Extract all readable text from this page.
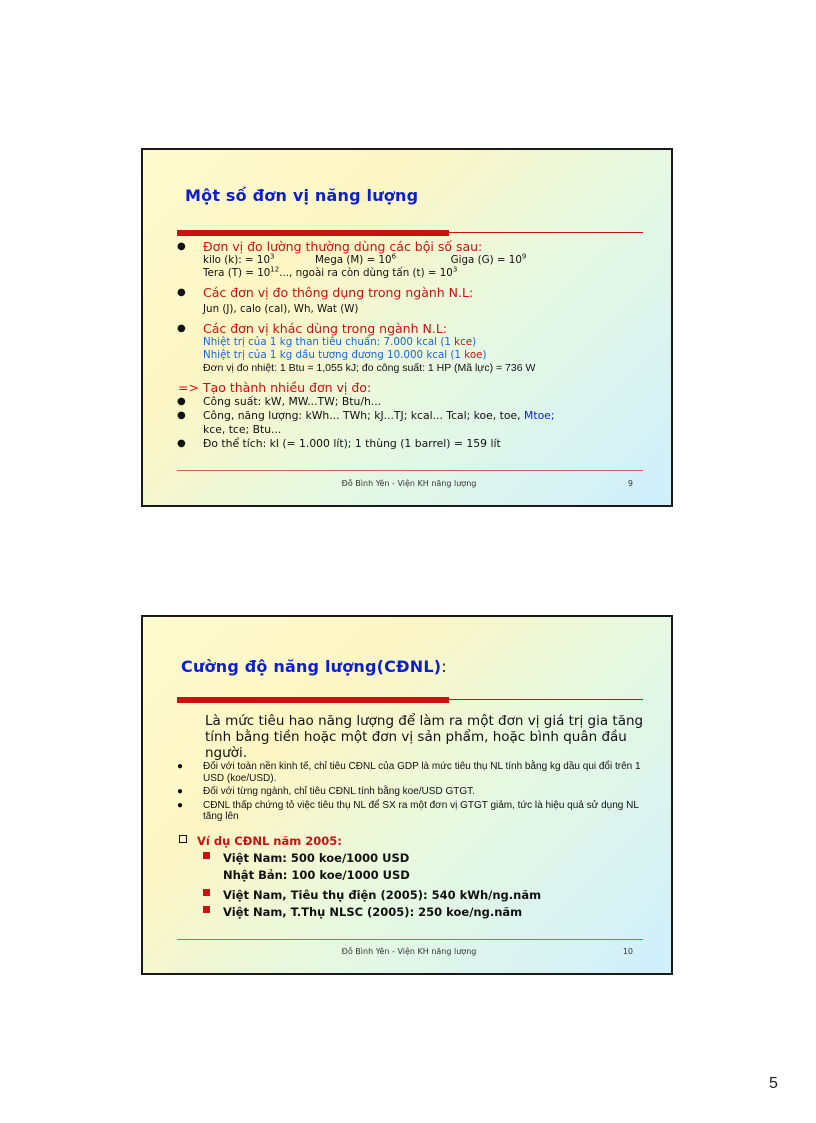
Một số đơn vị năng lượng
● Đơn vị đo lường thường dùng các bội số sau:
kilo (k): = $10^3$	Mega $(M) = 10^6$	Giga $(G) = 10^9$
Tera $(T) = 10^{12}$..., ngoài ra còn dùng tấn $(t) = 10^3$
● Các đơn vị đo thông dụng trong ngành N.L:
Jun (J), calo (cal), Wh, Wat (W)
● Các đơn vị khác dùng trong ngành N.L:
Nhiệt trị của 1 kg than tiêu chuẩn: 7.000 kcal (1 kce)
Nhiệt trị của 1 kg dầu tương đương 10.000 kcal (1 koe)
Đơn vị đo nhiệt: 1 Btu = 1,055 kJ; đo công suất: 1 HP (Mã lực) = 736 W
=> Tạo thành nhiều đơn vị đo:
● Công suất: kW, MW...TW; Btu/h...
● Công, năng lượng: kWh... TWh; kJ...TJ; kcal... Tcal; koe, toe, Mtoe;
kce, tce; Btu...
● Đo thể tích: kl (= 1.000 lít); 1 thùng (1 barrel) = 159 lít
Đỗ Bình Yên - Viện KH năng lượng	9
Cường độ năng lượng(CĐNL):
Là mức tiêu hao năng lượng để làm ra một đơn vị giá trị gia tăng tính bằng tiền hoặc một đơn vị sản phẩm, hoặc bình quân đầu người.
● Đối với toàn nền kinh tế, chỉ tiêu CĐNL của GDP là mức tiêu thụ NL tính bằng kg dầu qui đổi trên 1 USD (koe/USD).
● Đối với từng ngành, chỉ tiêu CĐNL tính bằng koe/USD GTGT.
● CĐNL thấp chứng tỏ việc tiêu thụ NL để SX ra một đơn vị GTGT giảm, tức là hiệu quả sử dụng NL tăng lên
Ví dụ CĐNL năm 2005:
Việt Nam: 500 koe/1000 USD
Nhật Bản: 100 koe/1000 USD
Việt Nam, Tiêu thụ điện (2005): 540 kWh/ng.năm
Việt Nam, T.Thụ NLSC (2005): 250 koe/ng.năm
Đỗ Bình Yên - Viện KH năng lượng	10
5
